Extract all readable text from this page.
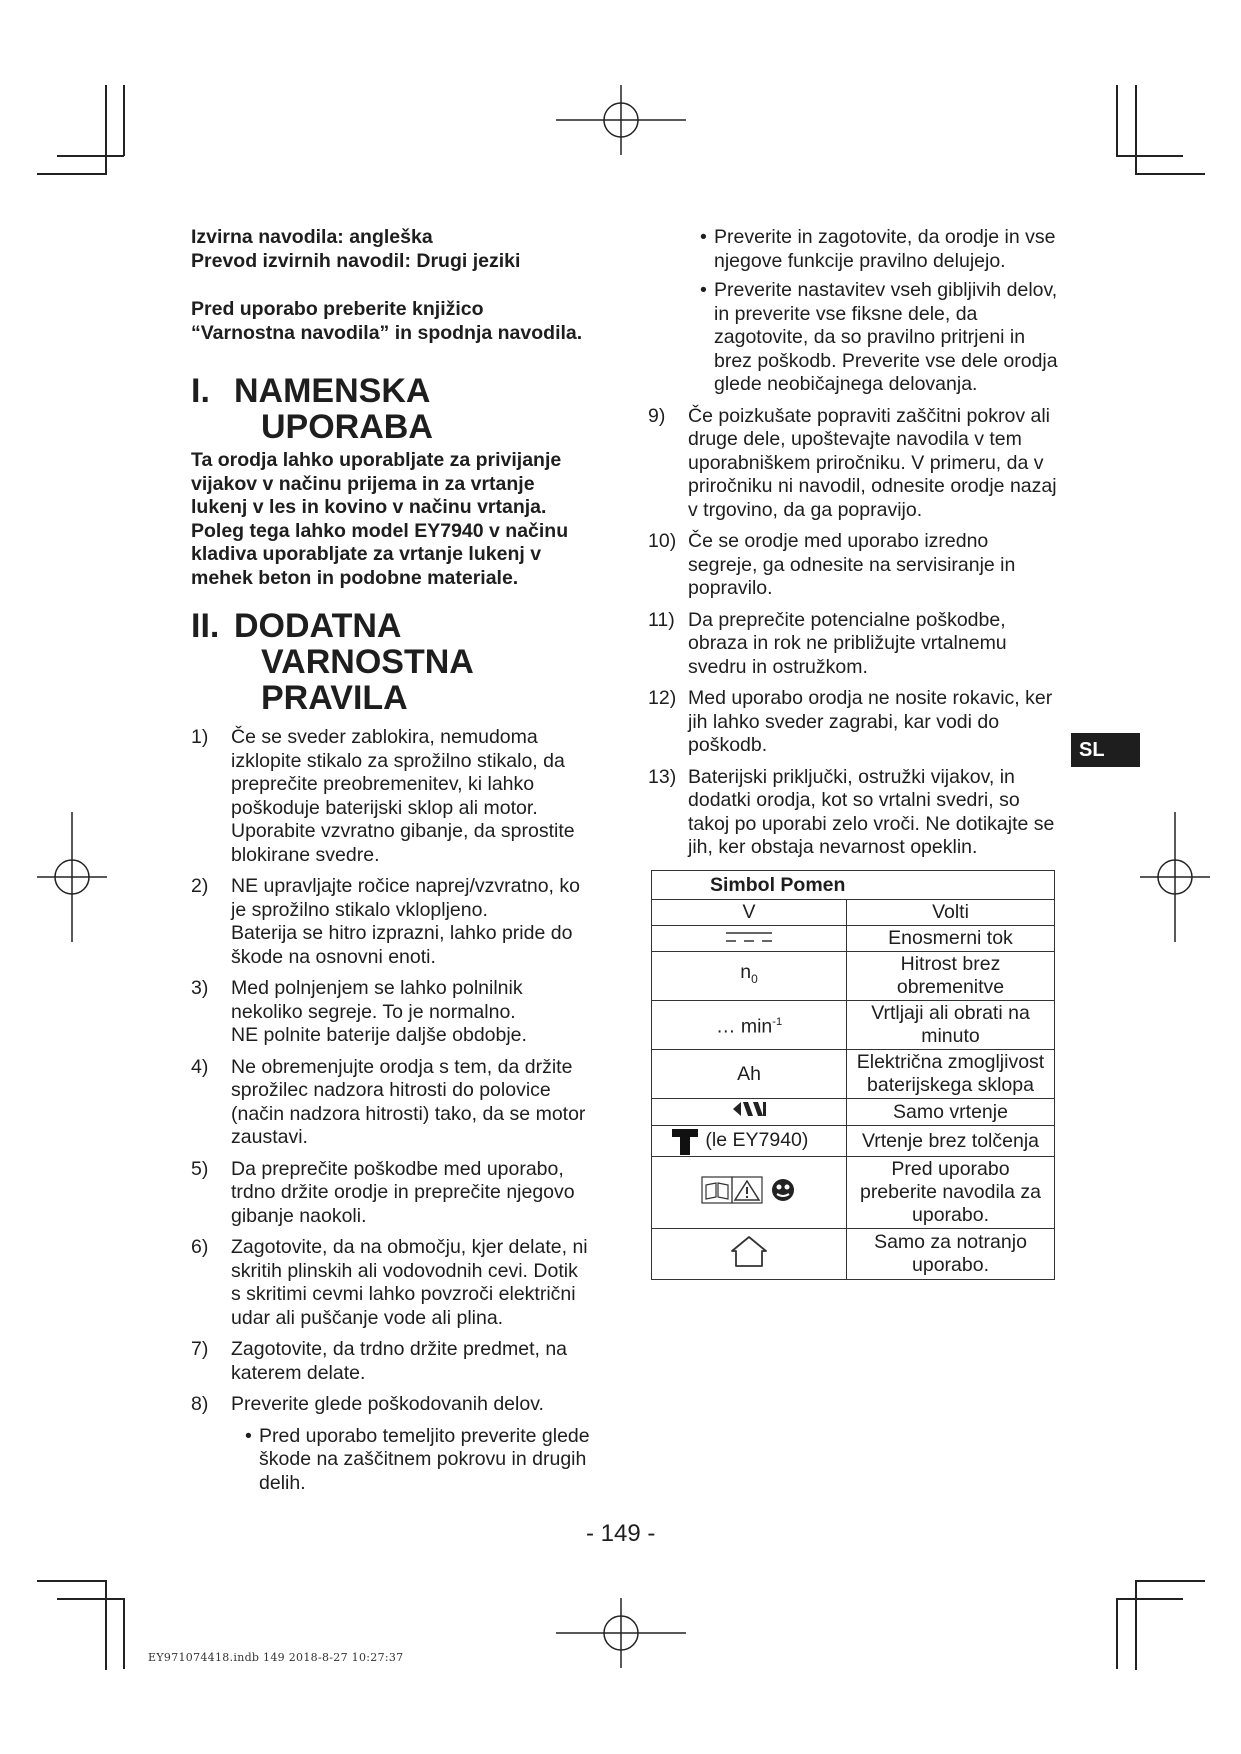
Izvirna navodila: angleška
Prevod izvirnih navodil: Drugi jeziki
Pred uporabo preberite knjižico “Varnostna navodila” in spodnja navodila.
I. NAMENSKA
UPORABA

Ta orodja lahko uporabljate za privijanje vijakov v načinu prijema in za vrtanje lukenj v les in kovino v načinu vrtanja.

Poleg tega lahko model EY7940 v načinu kladiva uporabljate za vrtanje lukenj v mehek beton in podobne materiale.

II. DODATNA
VARNOSTNA
PRAVILA
1) Če se sveder zablokira, nemudoma izklopite stikalo za sprožilno stikalo, da preprečite preobremenitev, ki lahko poškoduje baterijski sklop ali motor.
Uporabite vzvratno gibanje, da sprostite blokirane svedre.
2) NE upravljajte ročice naprej/vzvratno, ko je sprožilno stikalo vklopljeno.
Baterija se hitro izprazni, lahko pride do škode na osnovni enoti.
3) Med polnjenjem se lahko polnilnik nekoliko segreje. To je normalno.
NE polnite baterije daljše obdobje.
4) Ne obremenjujte orodja s tem, da držite sprožilec nadzora hitrosti do polovice (način nadzora hitrosti) tako, da se motor zaustavi.
5) Da preprečite poškodbe med uporabo, trdno držite orodje in preprečite njegovo gibanje naokoli.
6) Zagotovite, da na območju, kjer delate, ni skritih plinskih ali vodovodnih cevi. Dotik s skritimi cevmi lahko povzroči električni udar ali puščanje vode ali plina.
7) Zagotovite, da trdno držite predmet, na katerem delate.
8) Preverite glede poškodovanih delov.
• Pred uporabo temeljito preverite glede škode na zaščitnem pokrovu in drugih delih.
• Preverite in zagotovite, da orodje in vse njegove funkcije pravilno delujejo.
• Preverite nastavitev vseh gibljivih delov, in preverite vse fiksne dele, da zagotovite, da so pravilno pritrjeni in brez poškodb. Preverite vse dele orodja glede neobičajnega delovanja.
9) Če poizkušate popraviti zaščitni pokrov ali druge dele, upoštevajte navodila v tem uporabniškem priročniku. V primeru, da v priročniku ni navodil, odnesite orodje nazaj v trgovino, da ga popravijo.
10) Če se orodje med uporabo izredno segreje, ga odnesite na servisiranje in popravilo.
11) Da preprečite potencialne poškodbe, obraza in rok ne približujte vrtalnemu svedru in ostružkom.
12) Med uporabo orodja ne nosite rokavic, ker jih lahko sveder zagrabi, kar vodi do poškodb.
13) Baterijski priključki, ostružki vijakov, in dodatki orodja, kot so vrtalni svedri, so takoj po uporabi zelo vroči. Ne dotikajte se jih, ker obstaja nevarnost opeklin.
Simbol Pomen	
V	Volti
	Enosmerni tok
$n_0$	Hitrost brez obremenitve
… $\min^{-1}$	Vrtljaji ali obrati na minuto
Ah	Električna zmogljivost baterijskega sklopa
	Samo vrtenje
(le EY7940)	Vrtenje brez tolčenja
	Pred uporabo preberite navodila za uporabo.
	Samo za notranjo uporabo.
SL
- 149 -
EY971074418.indb 149 2018-8-27 10:27:37
